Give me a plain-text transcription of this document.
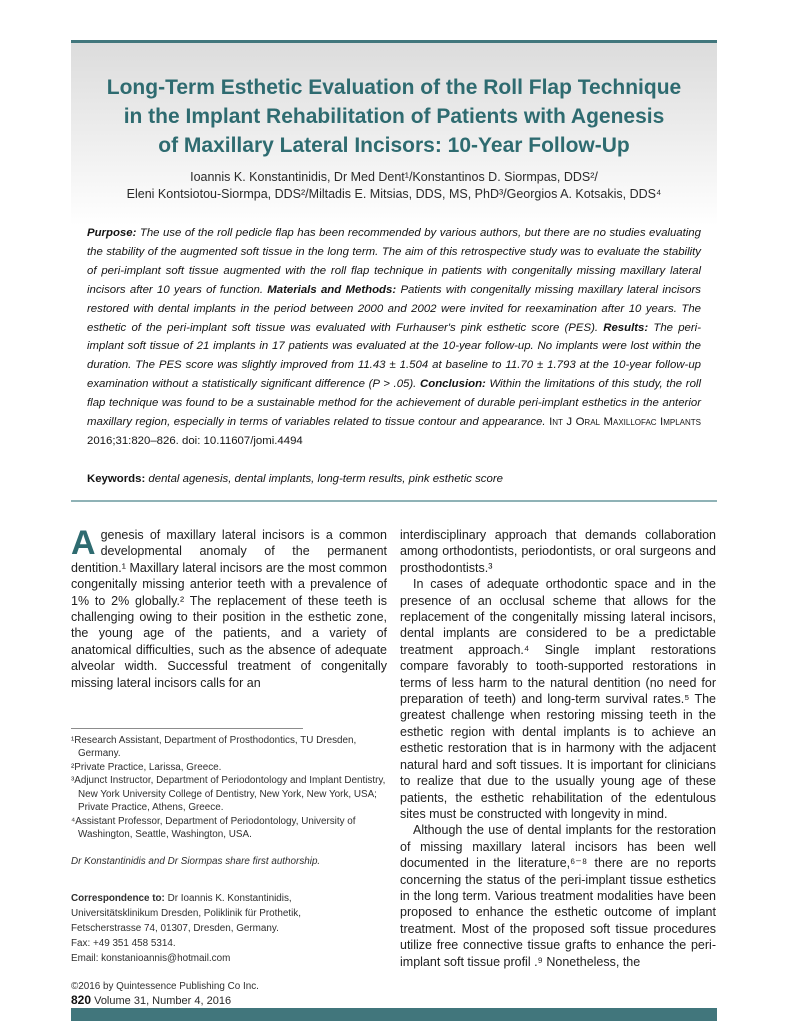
Long-Term Esthetic Evaluation of the Roll Flap Technique
in the Implant Rehabilitation of Patients with Agenesis
of Maxillary Lateral Incisors: 10-Year Follow-Up
Ioannis K. Konstantinidis, Dr Med Dent¹/Konstantinos D. Siormpas, DDS²/
Eleni Kontsiotou-Siormpa, DDS²/Miltadis E. Mitsias, DDS, MS, PhD³/Georgios A. Kotsakis, DDS⁴
Purpose: The use of the roll pedicle flap has been recommended by various authors, but there are no studies evaluating the stability of the augmented soft tissue in the long term. The aim of this retrospective study was to evaluate the stability of peri-implant soft tissue augmented with the roll flap technique in patients with congenitally missing maxillary lateral incisors after 10 years of function. Materials and Methods: Patients with congenitally missing maxillary lateral incisors restored with dental implants in the period between 2000 and 2002 were invited for reexamination after 10 years. The esthetic of the peri-implant soft tissue was evaluated with Furhauser's pink esthetic score (PES). Results: The peri-implant soft tissue of 21 implants in 17 patients was evaluated at the 10-year follow-up. No implants were lost within the duration. The PES score was slightly improved from 11.43 ± 1.504 at baseline to 11.70 ± 1.793 at the 10-year follow-up examination without a statistically significant difference (P > .05). Conclusion: Within the limitations of this study, the roll flap technique was found to be a sustainable method for the achievement of durable peri-implant esthetics in the anterior maxillary region, especially in terms of variables related to tissue contour and appearance. Int J Oral Maxillofac Implants 2016;31:820–826. doi: 10.11607/jomi.4494
Keywords: dental agenesis, dental implants, long-term results, pink esthetic score

Agenesis of maxillary lateral incisors is a common developmental anomaly of the permanent dentition.¹ Maxillary lateral incisors are the most common congenitally missing anterior teeth with a prevalence of 1% to 2% globally.² The replacement of these teeth is challenging owing to their position in the esthetic zone, the young age of the patients, and a variety of anatomical difficulties, such as the absence of adequate alveolar width. Successful treatment of congenitally missing lateral incisors calls for an

¹Research Assistant, Department of Prosthodontics, TU Dresden, Germany.
²Private Practice, Larissa, Greece.
³Adjunct Instructor, Department of Periodontology and Implant Dentistry, New York University College of Dentistry, New York, New York, USA; Private Practice, Athens, Greece.
⁴Assistant Professor, Department of Periodontology, University of Washington, Seattle, Washington, USA.
Dr Konstantinidis and Dr Siormpas share first authorship.
Correspondence to: Dr Ioannis K. Konstantinidis,
Universitätsklinikum Dresden, Poliklinik für Prothetik,
Fetscherstrasse 74, 01307, Dresden, Germany.
Fax: +49 351 458 5314.
Email: konstanioannis@hotmail.com
©2016 by Quintessence Publishing Co Inc.

interdisciplinary approach that demands collaboration among orthodontists, periodontists, or oral surgeons and prosthodontists.³

In cases of adequate orthodontic space and in the presence of an occlusal scheme that allows for the replacement of the congenitally missing lateral incisors, dental implants are considered to be a predictable treatment approach.⁴ Single implant restorations compare favorably to tooth-supported restorations in terms of less harm to the natural dentition (no need for preparation of teeth) and long-term survival rates.⁵ The greatest challenge when restoring missing teeth in the esthetic region with dental implants is to achieve an esthetic restoration that is in harmony with the adjacent natural hard and soft tissues. It is important for clinicians to realize that due to the usually young age of these patients, the esthetic rehabilitation of the edentulous sites must be constructed with longevity in mind.

Although the use of dental implants for the restoration of missing maxillary lateral incisors has been well documented in the literature,⁶⁻⁸ there are no reports concerning the status of the peri-implant tissue esthetics in the long term. Various treatment modalities have been proposed to enhance the esthetic outcome of implant treatment. Most of the proposed soft tissue procedures utilize free connective tissue grafts to enhance the peri-implant soft tissue profil .⁹ Nonetheless, the

820 Volume 31, Number 4, 2016
